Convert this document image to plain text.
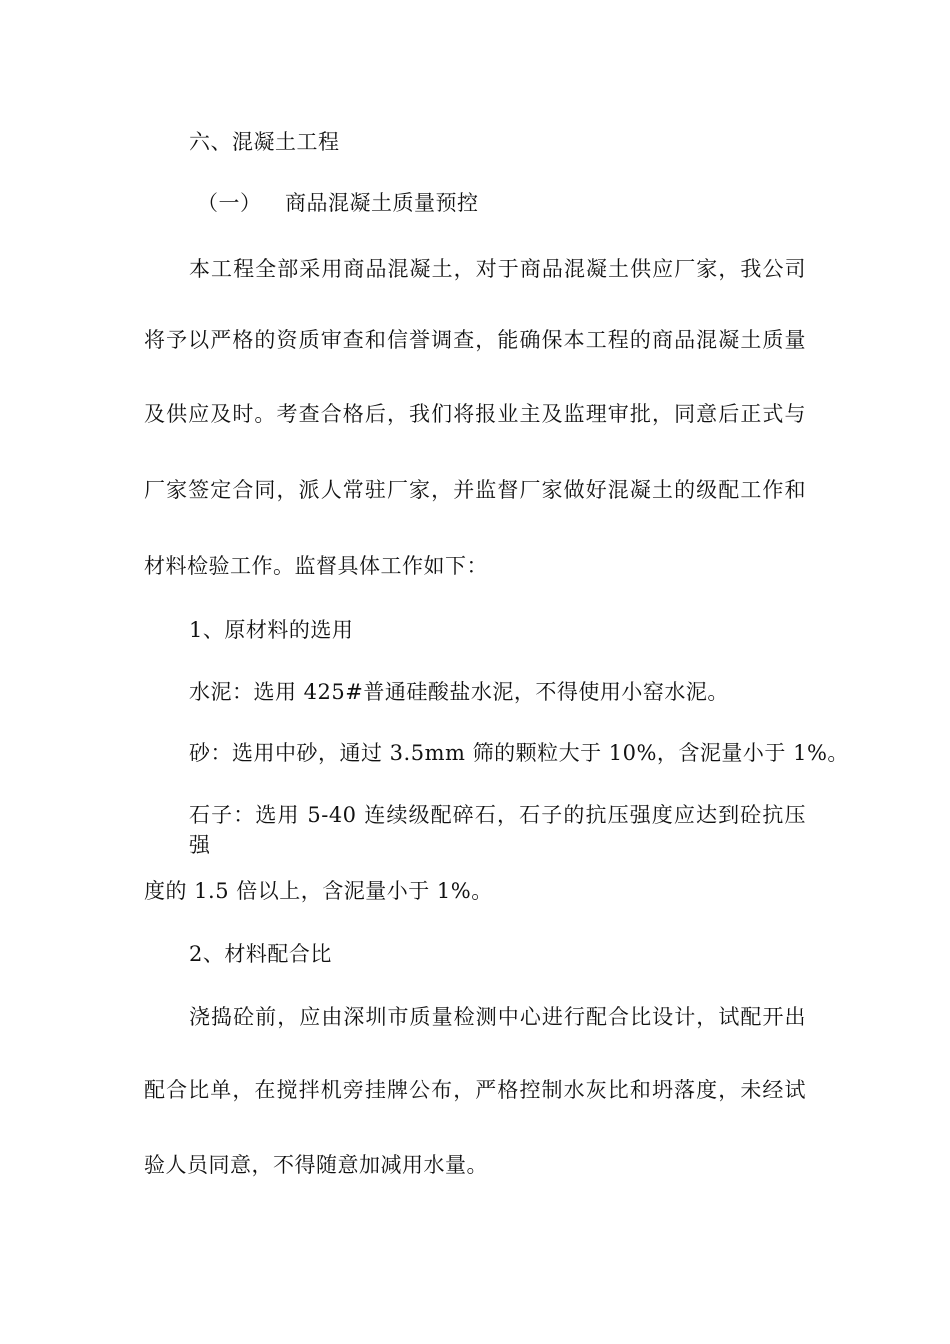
六、混凝土工程
（一） 商品混凝土质量预控
本工程全部采用商品混凝土，对于商品混凝土供应厂家，我公司
将予以严格的资质审查和信誉调查，能确保本工程的商品混凝土质量
及供应及时。考查合格后，我们将报业主及监理审批，同意后正式与
厂家签定合同，派人常驻厂家，并监督厂家做好混凝土的级配工作和
材料检验工作。监督具体工作如下：
1、原材料的选用
水泥：选用 425#普通硅酸盐水泥，不得使用小窑水泥。
砂：选用中砂，通过 3.5mm 筛的颗粒大于 10%，含泥量小于 1%。
石子：选用 5-40 连续级配碎石，石子的抗压强度应达到砼抗压强
度的 1.5 倍以上，含泥量小于 1%。
2、材料配合比
浇捣砼前，应由深圳市质量检测中心进行配合比设计，试配开出
配合比单，在搅拌机旁挂牌公布，严格控制水灰比和坍落度，未经试
验人员同意，不得随意加减用水量。
